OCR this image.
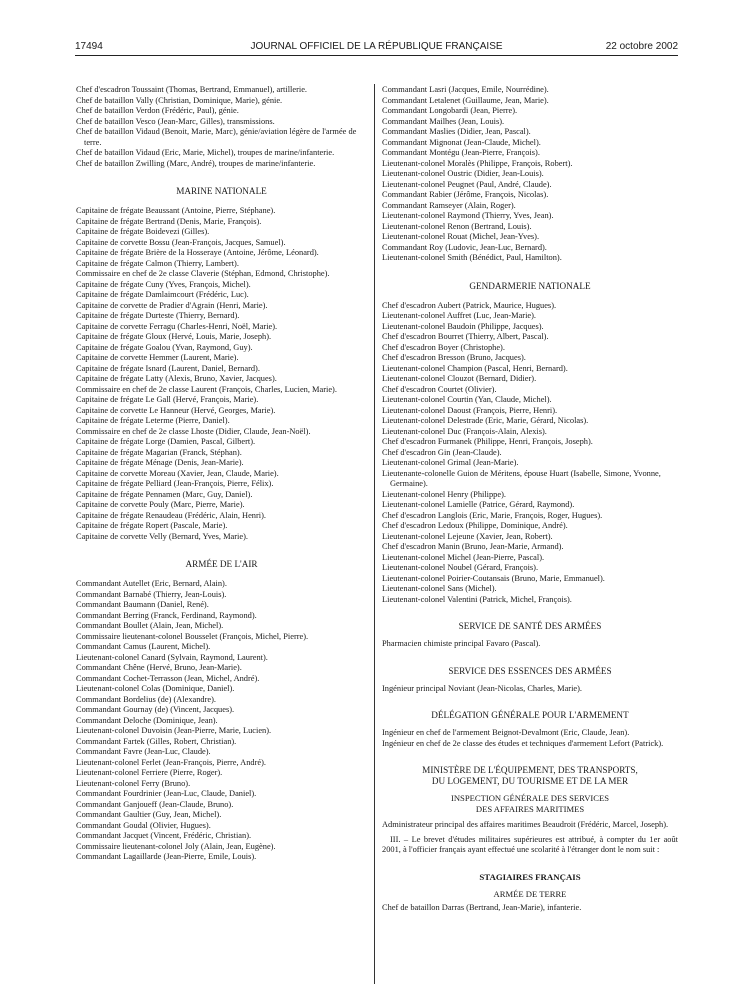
17494	JOURNAL OFFICIEL DE LA RÉPUBLIQUE FRANÇAISE	22 octobre 2002

Chef d'escadron Toussaint (Thomas, Bertrand, Emmanuel), artillerie.

Chef de bataillon Vally (Christian, Dominique, Marie), génie.

Chef de bataillon Verdon (Frédéric, Paul), génie.

Chef de bataillon Vesco (Jean-Marc, Gilles), transmissions.

Chef de bataillon Vidaud (Benoit, Marie, Marc), génie/aviation légère de l'armée de terre.

Chef de bataillon Vidaud (Eric, Marie, Michel), troupes de marine/infanterie.

Chef de bataillon Zwilling (Marc, André), troupes de marine/infanterie.

MARINE NATIONALE

Capitaine de frégate Beaussant (Antoine, Pierre, Stéphane).

Capitaine de frégate Bertrand (Denis, Marie, François).

Capitaine de frégate Boidevezi (Gilles).

Capitaine de corvette Bossu (Jean-François, Jacques, Samuel).

Capitaine de frégate Brière de la Hosseraye (Antoine, Jérôme, Léonard).

Capitaine de frégate Calmon (Thierry, Lambert).

Commissaire en chef de 2e classe Claverie (Stéphan, Edmond, Christophe).

Capitaine de frégate Cuny (Yves, François, Michel).

Capitaine de frégate Damlaimcourt (Frédéric, Luc).

Capitaine de corvette de Pradier d'Agrain (Henri, Marie).

Capitaine de frégate Durteste (Thierry, Bernard).

Capitaine de corvette Ferragu (Charles-Henri, Noël, Marie).

Capitaine de frégate Gloux (Hervé, Louis, Marie, Joseph).

Capitaine de frégate Goalou (Yvan, Raymond, Guy).

Capitaine de corvette Hemmer (Laurent, Marie).

Capitaine de frégate Isnard (Laurent, Daniel, Bernard).

Capitaine de frégate Latty (Alexis, Bruno, Xavier, Jacques).

Commissaire en chef de 2e classe Laurent (François, Charles, Lucien, Marie).

Capitaine de frégate Le Gall (Hervé, François, Marie).

Capitaine de corvette Le Hanneur (Hervé, Georges, Marie).

Capitaine de frégate Leterme (Pierre, Daniel).

Commissaire en chef de 2e classe Lhoste (Didier, Claude, Jean-Noël).

Capitaine de frégate Lorge (Damien, Pascal, Gilbert).

Capitaine de frégate Magarian (Franck, Stéphan).

Capitaine de frégate Ménage (Denis, Jean-Marie).

Capitaine de corvette Moreau (Xavier, Jean, Claude, Marie).

Capitaine de frégate Pelliard (Jean-François, Pierre, Félix).

Capitaine de frégate Pennamen (Marc, Guy, Daniel).

Capitaine de corvette Pouly (Marc, Pierre, Marie).

Capitaine de frégate Renaudeau (Frédéric, Alain, Henri).

Capitaine de frégate Ropert (Pascale, Marie).

Capitaine de corvette Velly (Bernard, Yves, Marie).

ARMÉE DE L'AIR

Commandant Autellet (Eric, Bernard, Alain).

Commandant Barnabé (Thierry, Jean-Louis).

Commandant Baumann (Daniel, René).

Commandant Berring (Franck, Ferdinand, Raymond).

Commandant Boullet (Alain, Jean, Michel).

Commissaire lieutenant-colonel Bousselet (François, Michel, Pierre).

Commandant Camus (Laurent, Michel).

Lieutenant-colonel Canard (Sylvain, Raymond, Laurent).

Commandant Chêne (Hervé, Bruno, Jean-Marie).

Commandant Cochet-Terrasson (Jean, Michel, André).

Lieutenant-colonel Colas (Dominique, Daniel).

Commandant Bordelius (de) (Alexandre).

Commandant Gournay (de) (Vincent, Jacques).

Commandant Deloche (Dominique, Jean).

Lieutenant-colonel Duvoisin (Jean-Pierre, Marie, Lucien).

Commandant Fartek (Gilles, Robert, Christian).

Commandant Favre (Jean-Luc, Claude).

Lieutenant-colonel Ferlet (Jean-François, Pierre, André).

Lieutenant-colonel Ferriere (Pierre, Roger).

Lieutenant-colonel Ferry (Bruno).

Commandant Fourdrinier (Jean-Luc, Claude, Daniel).

Commandant Ganjoueff (Jean-Claude, Bruno).

Commandant Gaultier (Guy, Jean, Michel).

Commandant Goudal (Olivier, Hugues).

Commandant Jacquet (Vincent, Frédéric, Christian).

Commissaire lieutenant-colonel Joly (Alain, Jean, Eugène).

Commandant Lagaillarde (Jean-Pierre, Emile, Louis).

Commandant Lasri (Jacques, Emile, Nourrédine).

Commandant Letalenet (Guillaume, Jean, Marie).

Commandant Longobardi (Jean, Pierre).

Commandant Mailhes (Jean, Louis).

Commandant Maslies (Didier, Jean, Pascal).

Commandant Mignonat (Jean-Claude, Michel).

Commandant Montégu (Jean-Pierre, François).

Lieutenant-colonel Moralès (Philippe, François, Robert).

Lieutenant-colonel Oustric (Didier, Jean-Louis).

Lieutenant-colonel Peugnet (Paul, André, Claude).

Commandant Rabier (Jérôme, François, Nicolas).

Commandant Ramseyer (Alain, Roger).

Lieutenant-colonel Raymond (Thierry, Yves, Jean).

Lieutenant-colonel Renon (Bertrand, Louis).

Lieutenant-colonel Rouat (Michel, Jean-Yves).

Commandant Roy (Ludovic, Jean-Luc, Bernard).

Lieutenant-colonel Smith (Bénédict, Paul, Hamilton).

GENDARMERIE NATIONALE

Chef d'escadron Aubert (Patrick, Maurice, Hugues).

Lieutenant-colonel Auffret (Luc, Jean-Marie).

Lieutenant-colonel Baudoin (Philippe, Jacques).

Chef d'escadron Bourret (Thierry, Albert, Pascal).

Chef d'escadron Boyer (Christophe).

Chef d'escadron Bresson (Bruno, Jacques).

Lieutenant-colonel Champion (Pascal, Henri, Bernard).

Lieutenant-colonel Clouzot (Bernard, Didier).

Chef d'escadron Courtet (Olivier).

Lieutenant-colonel Courtin (Yan, Claude, Michel).

Lieutenant-colonel Daoust (François, Pierre, Henri).

Lieutenant-colonel Delestrade (Eric, Marie, Gérard, Nicolas).

Lieutenant-colonel Duc (François-Alain, Alexis).

Chef d'escadron Furmanek (Philippe, Henri, François, Joseph).

Chef d'escadron Gin (Jean-Claude).

Lieutenant-colonel Grimal (Jean-Marie).

Lieutenante-colonelle Guion de Méritens, épouse Huart (Isabelle, Simone, Yvonne, Germaine).

Lieutenant-colonel Henry (Philippe).

Lieutenant-colonel Lamielle (Patrice, Gérard, Raymond).

Chef d'escadron Langlois (Eric, Marie, François, Roger, Hugues).

Chef d'escadron Ledoux (Philippe, Dominique, André).

Lieutenant-colonel Lejeune (Xavier, Jean, Robert).

Chef d'escadron Manin (Bruno, Jean-Marie, Armand).

Lieutenant-colonel Michel (Jean-Pierre, Pascal).

Lieutenant-colonel Noubel (Gérard, François).

Lieutenant-colonel Poirier-Coutansais (Bruno, Marie, Emmanuel).

Lieutenant-colonel Sans (Michel).

Lieutenant-colonel Valentini (Patrick, Michel, François).

SERVICE DE SANTÉ DES ARMÉES

Pharmacien chimiste principal Favaro (Pascal).

SERVICE DES ESSENCES DES ARMÉES

Ingénieur principal Noviant (Jean-Nicolas, Charles, Marie).

DÉLÉGATION GÉNÉRALE POUR L'ARMEMENT

Ingénieur en chef de l'armement Beignot-Devalmont (Eric, Claude, Jean).

Ingénieur en chef de 2e classe des études et techniques d'armement Lefort (Patrick).

MINISTÈRE DE L'ÉQUIPEMENT, DES TRANSPORTS,
DU LOGEMENT, DU TOURISME ET DE LA MER
INSPECTION GÉNÉRALE DES SERVICES
DES AFFAIRES MARITIMES

Administrateur principal des affaires maritimes Beaudroit (Frédéric, Marcel, Joseph).

III. – Le brevet d'études militaires supérieures est attribué, à compter du 1er août 2001, à l'officier français ayant effectué une scolarité à l'étranger dont le nom suit :

STAGIAIRES FRANÇAIS
ARMÉE DE TERRE

Chef de bataillon Darras (Bertrand, Jean-Marie), infanterie.
